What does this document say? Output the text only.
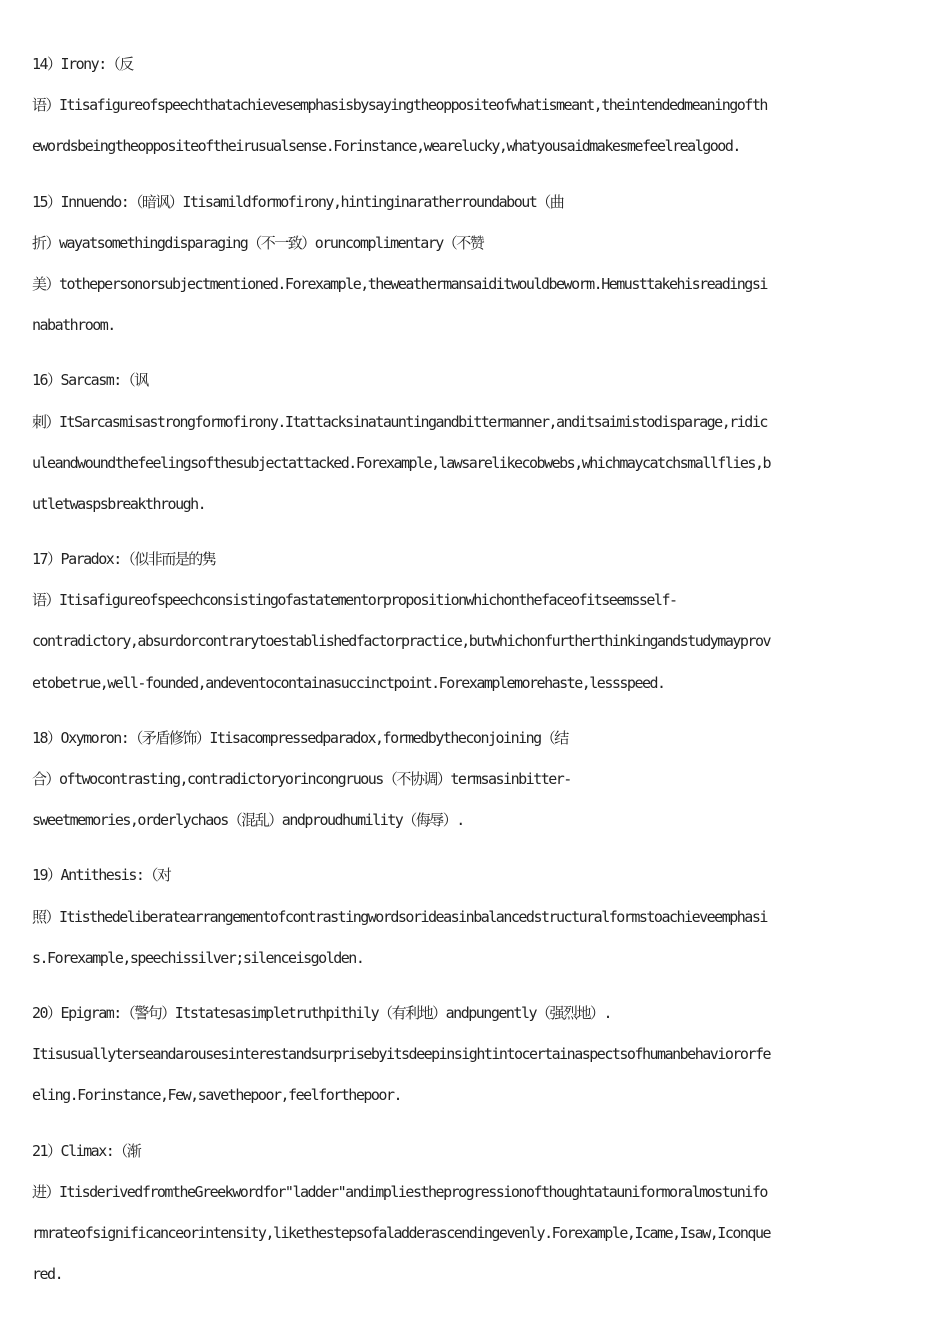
14）Irony:（反
语）Itisafigureofspeechthatachievesemphasisbysayingtheoppositeofwhatismeant,theintendedmeaningofth
ewordsbeingtheoppositeoftheirusualsense.Forinstance,wearelucky,whatyousaidmakesmefeelrealgood.
15）Innuendo:（暗讽）Itisamildformofirony,hintinginaratherroundabout（曲
折）wayatsomethingdisparaging（不一致）oruncomplimentary（不赞
美）tothepersonorsubjectmentioned.Forexample,theweathermansaiditwouldbeworm.Hemusttakehisreadingsi
nabathroom.
16）Sarcasm:（讽
刺）ItSarcasmisastrongformofirony.Itattacksinatauntingandbittermanner,anditsaimistodisparage,ridic
uleandwoundthefeelingsofthesubjectattacked.Forexample,lawsarelikecobwebs,whichmaycatchsmallflies,b
utletwaspsbreakthrough.
17）Paradox:（似非而是的隽
语）Itisafigureofspeechconsistingofastatementorpropositionwhichonthefaceofitseemsself-
contradictory,absurdorcontrarytoestablishedfactorpractice,butwhichonfurtherthinkingandstudymayprov
etobetrue,well-founded,andeventocontainasuccinctpoint.Forexamplemorehaste,lessspeed.
18）Oxymoron:（矛盾修饰）Itisacompressedparadox,formedbytheconjoining（结
合）oftwocontrasting,contradictoryorincongruous（不协调）termsasinbitter-
sweetmemories,orderlychaos（混乱）andproudhumility（侮辱）.
19）Antithesis:（对
照）Itisthedeliberatearrangementofcontrastingwordsorideasinbalancedstructuralformstoachieveemphasi
s.Forexample,speechissilver;silenceisgolden.
20）Epigram:（警句）Itstatesasimpletruthpithily（有利地）andpungently（强烈地）.
Itisusuallyterseandarousesinterestandsurprisebyitsdeepinsightintocertainaspectsofhumanbehaviororfe
eling.Forinstance,Few,savethepoor,feelforthepoor.
21）Climax:（渐
进）ItisderivedfromtheGreekwordfor"ladder"andimpliestheprogressionofthoughtatauniformoralmostunifo
rmrateofsignificanceorintensity,likethestepsofaladderascendingevenly.Forexample,Icame,Isaw,Iconque
red.
